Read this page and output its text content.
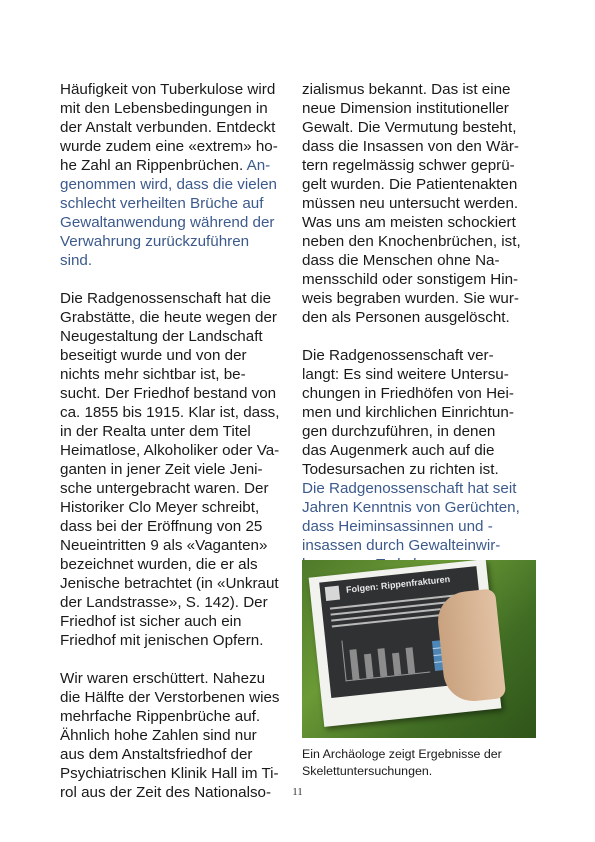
Häufigkeit von Tuberkulose wird
mit den Lebensbedingungen in
der Anstalt verbunden. Entdeckt
wurde zudem eine «extrem» ho-
he Zahl an Rippenbrüchen. An-
genommen wird, dass die vielen
schlecht verheilten Brüche auf
Gewaltanwendung während der
Verwahrung zurückzuführen
sind.

Die Radgenossenschaft hat die
Grabstätte, die heute wegen der
Neugestaltung der Landschaft
beseitigt wurde und von der
nichts mehr sichtbar ist, be-
sucht. Der Friedhof bestand von
ca. 1855 bis 1915. Klar ist, dass,
in der Realta unter dem Titel
Heimatlose, Alkoholiker oder Va-
ganten in jener Zeit viele Jeni-
sche untergebracht waren. Der
Historiker Clo Meyer schreibt,
dass bei der Eröffnung von 25
Neueintritten 9 als «Vaganten»
bezeichnet wurden, die er als
Jenische betrachtet (in «Unkraut
der Landstrasse», S. 142). Der
Friedhof ist sicher auch ein
Friedhof mit jenischen Opfern.

Wir waren erschüttert. Nahezu
die Hälfte der Verstorbenen wies
mehrfache Rippenbrüche auf.
Ähnlich hohe Zahlen sind nur
aus dem Anstaltsfriedhof der
Psychiatrischen Klinik Hall im Ti-
rol aus der Zeit des Nationalso-

zialismus bekannt. Das ist eine
neue Dimension institutioneller
Gewalt. Die Vermutung besteht,
dass die Insassen von den Wär-
tern regelmässig schwer geprü-
gelt wurden. Die Patientenakten
müssen neu untersucht werden.
Was uns am meisten schockiert
neben den Knochenbrüchen, ist,
dass die Menschen ohne Na-
mensschild oder sonstigem Hin-
weis begraben wurden. Sie wur-
den als Personen ausgelöscht.

Die Radgenossenschaft ver-
langt: Es sind weitere Untersu-
chungen in Friedhöfen von Hei-
men und kirchlichen Einrichtun-
gen durchzuführen, in denen
das Augenmerk auch auf die
Todesursachen zu richten ist.
Die Radgenossenschaft hat seit
Jahren Kenntnis von Gerüchten,
dass Heiminsassinnen und -
insassen durch Gewalteinwir-

Folgen: Rippenfrakturen

Ein Archäologe zeigt Ergebnisse der
Skelettuntersuchungen.

11
